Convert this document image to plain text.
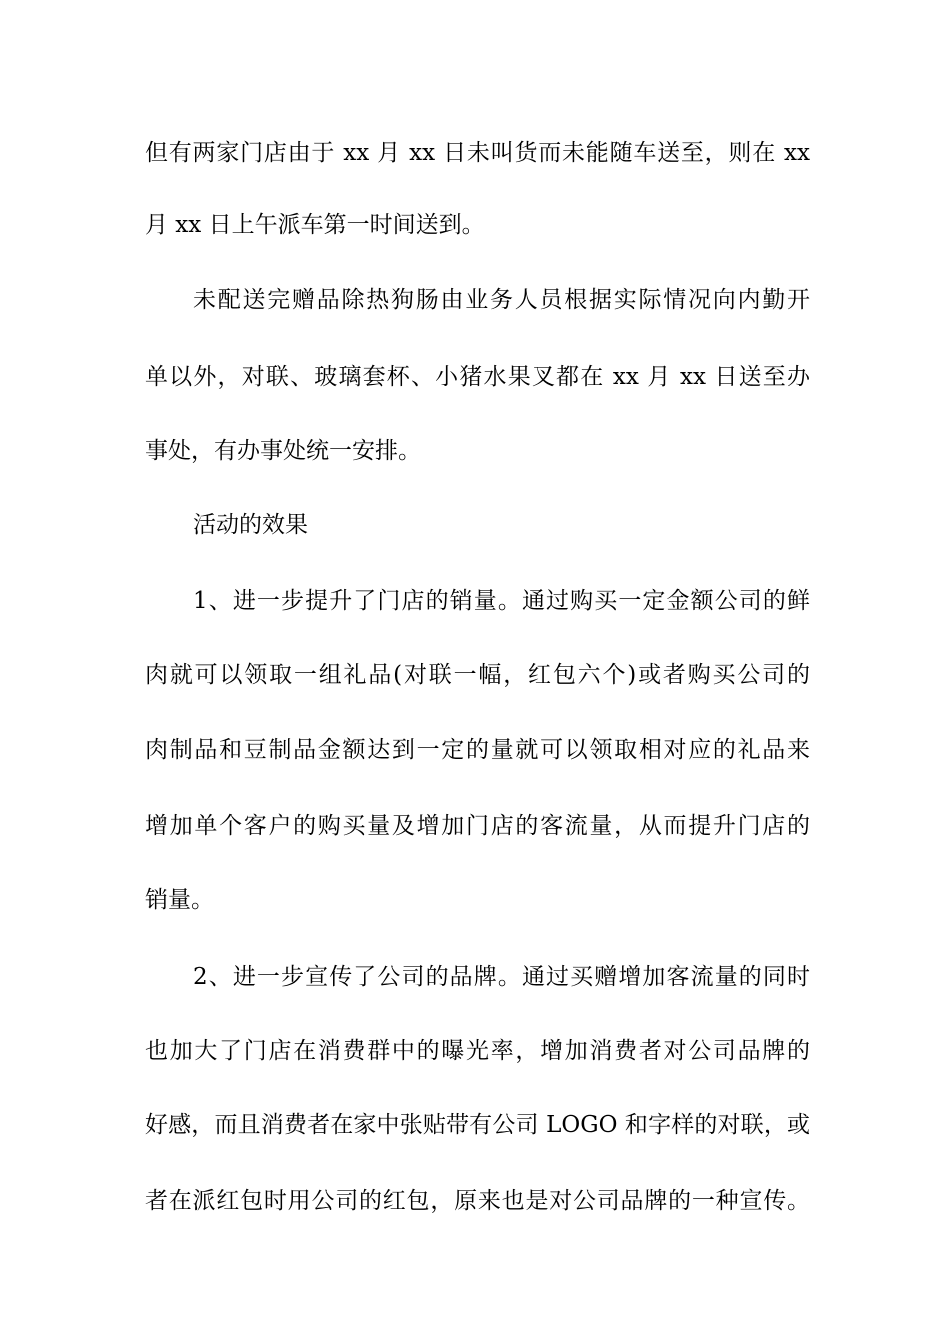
但有两家门店由于 xx 月 xx 日未叫货而未能随车送至，则在 xx

月 xx 日上午派车第一时间送到。

未配送完赠品除热狗肠由业务人员根据实际情况向内勤开

单以外，对联、玻璃套杯、小猪水果叉都在 xx 月 xx 日送至办

事处，有办事处统一安排。

活动的效果

1、进一步提升了门店的销量。通过购买一定金额公司的鲜

肉就可以领取一组礼品(对联一幅，红包六个)或者购买公司的

肉制品和豆制品金额达到一定的量就可以领取相对应的礼品来

增加单个客户的购买量及增加门店的客流量，从而提升门店的

销量。

2、进一步宣传了公司的品牌。通过买赠增加客流量的同时

也加大了门店在消费群中的曝光率，增加消费者对公司品牌的

好感，而且消费者在家中张贴带有公司 LOGO 和字样的对联，或

者在派红包时用公司的红包，原来也是对公司品牌的一种宣传。
